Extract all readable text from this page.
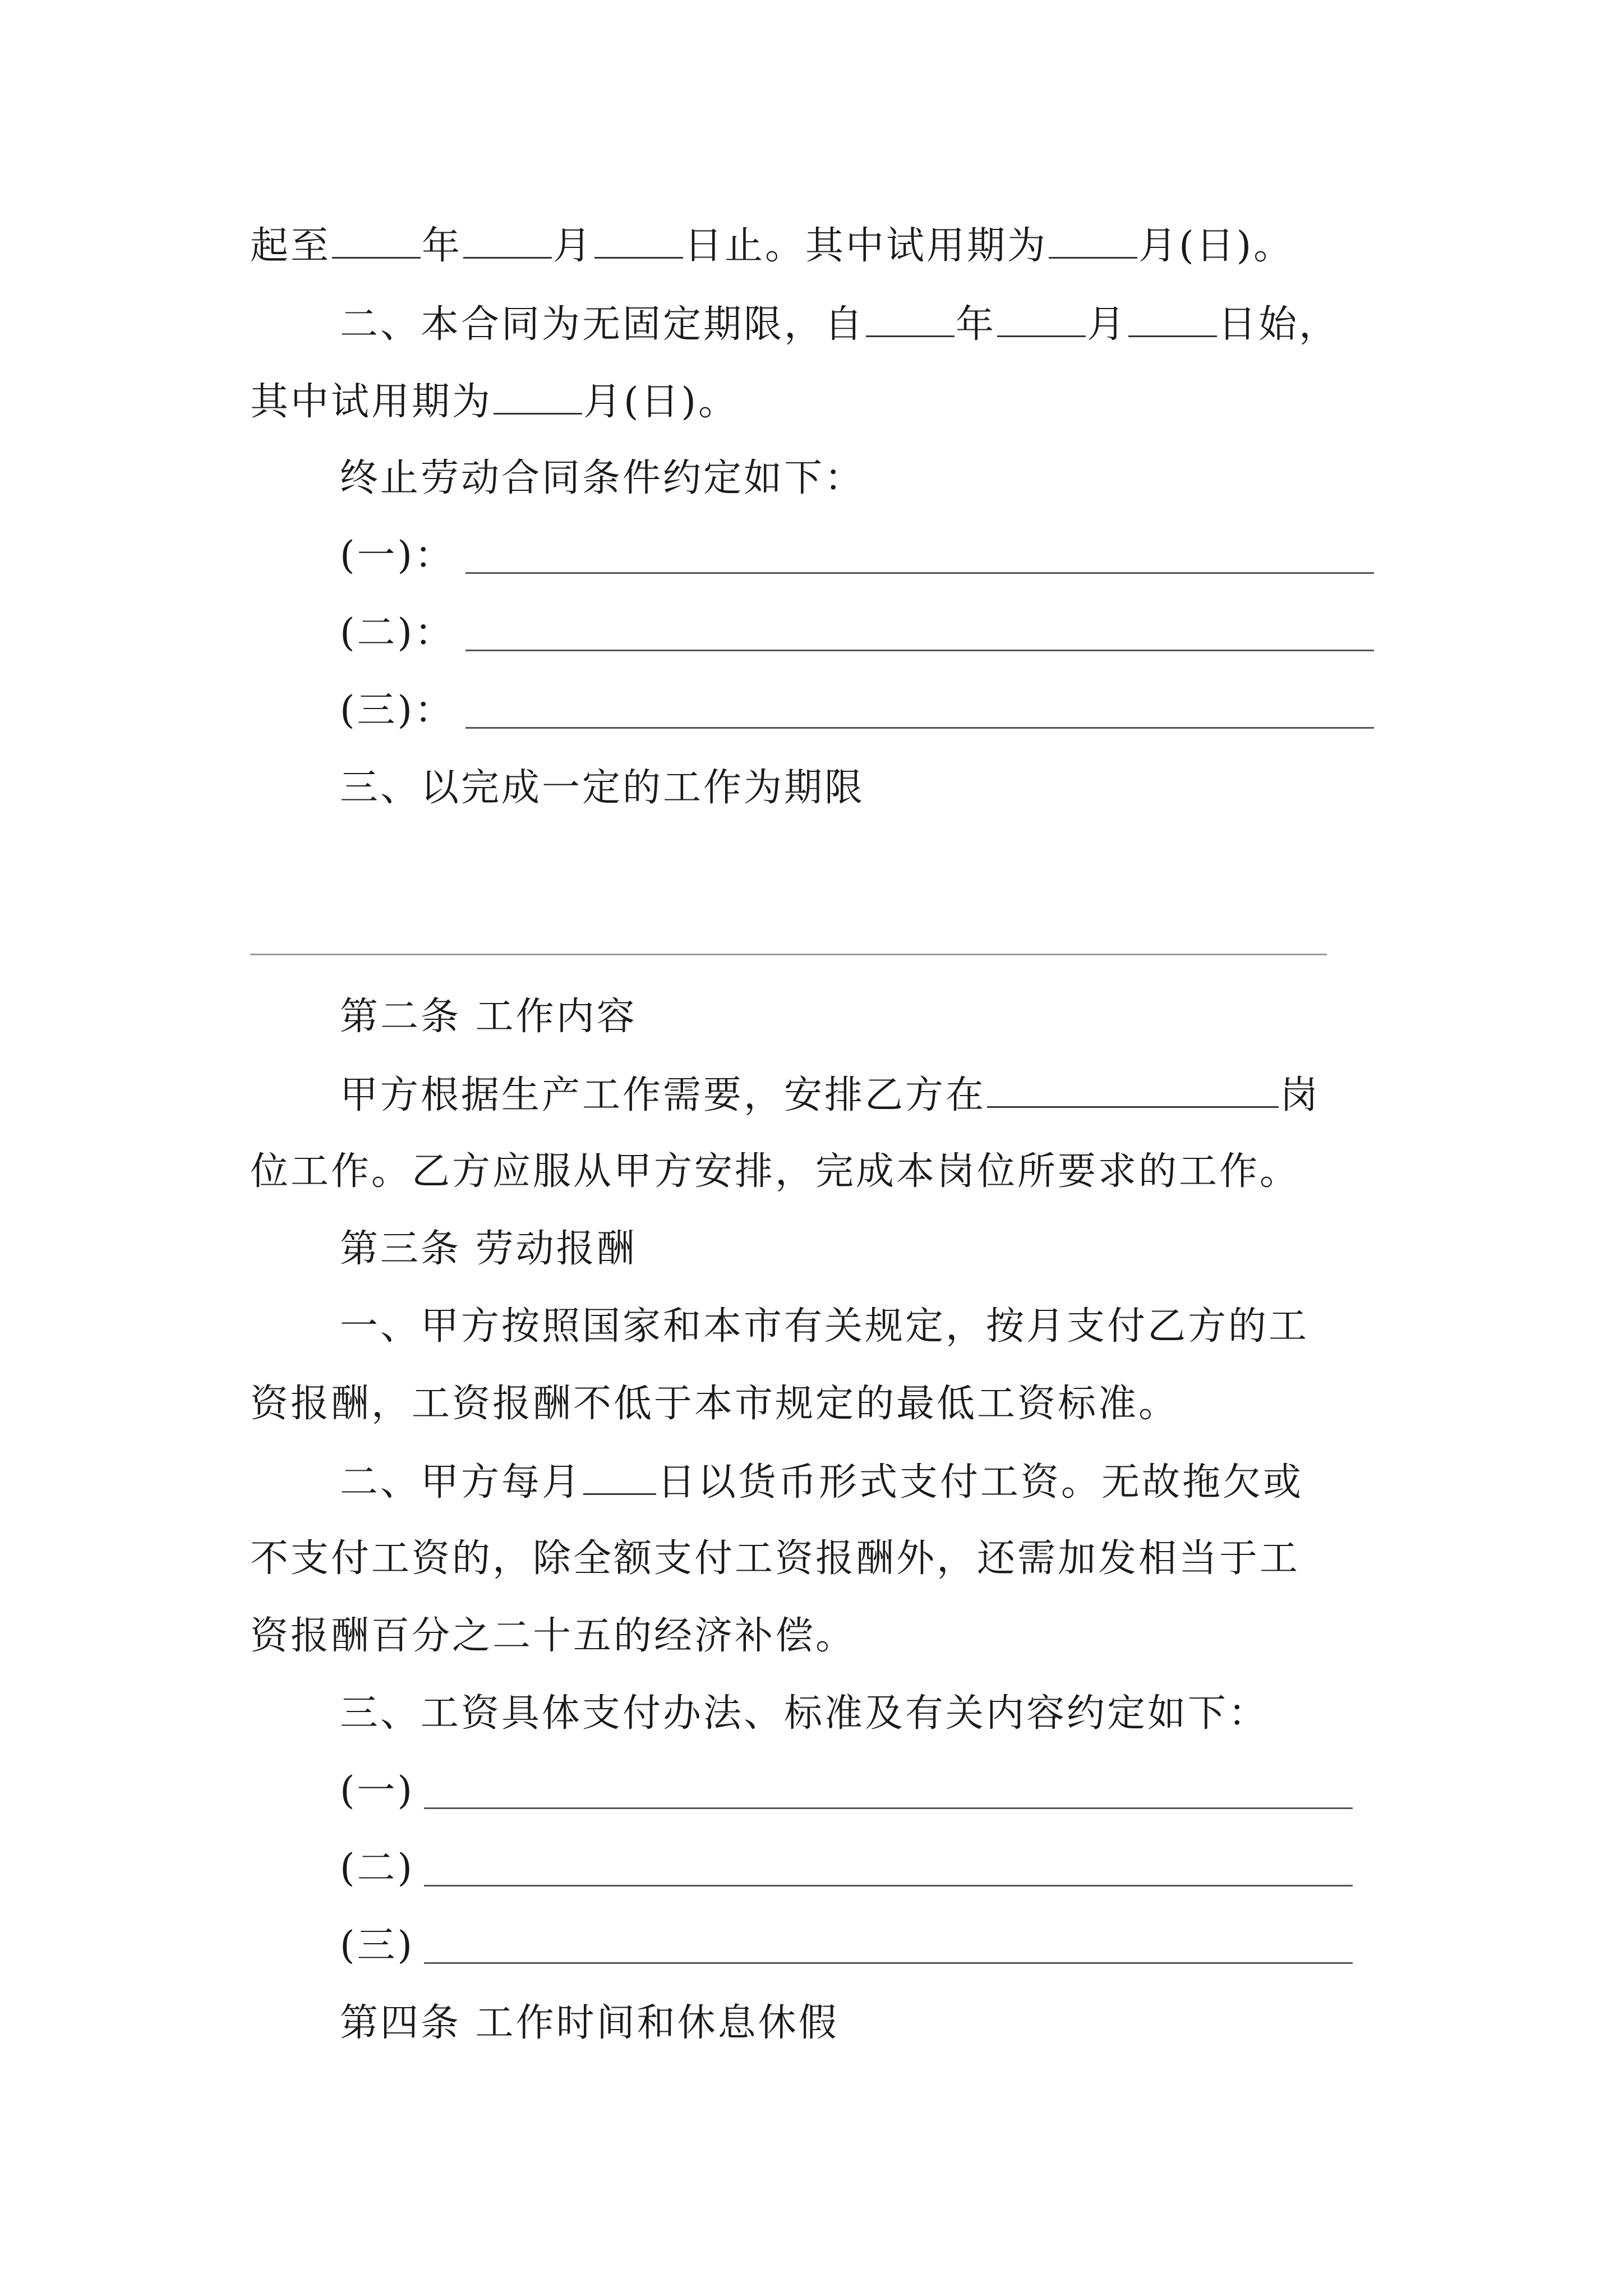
起至 年 月 日止。其中试用期为 月(日)。
二、本合同为无固定期限，自 年 月 日始，
其中试用期为 月(日)。
终止劳动合同条件约定如下：
(一)：
(二)：
(三)：
三、以完成一定的工作为期限
第二条 工作内容
甲方根据生产工作需要，安排乙方在	岗
位工作。乙方应服从甲方安排，完成本岗位所要求的工作。
第三条 劳动报酬
一、甲方按照国家和本市有关规定，按月支付乙方的工
资报酬，工资报酬不低于本市规定的最低工资标准。
二、甲方每月 日以货币形式支付工资。无故拖欠或
不支付工资的，除全额支付工资报酬外，还需加发相当于工
资报酬百分之二十五的经济补偿。
三、工资具体支付办法、标准及有关内容约定如下：
(一)
(二)
(三)
第四条 工作时间和休息休假
